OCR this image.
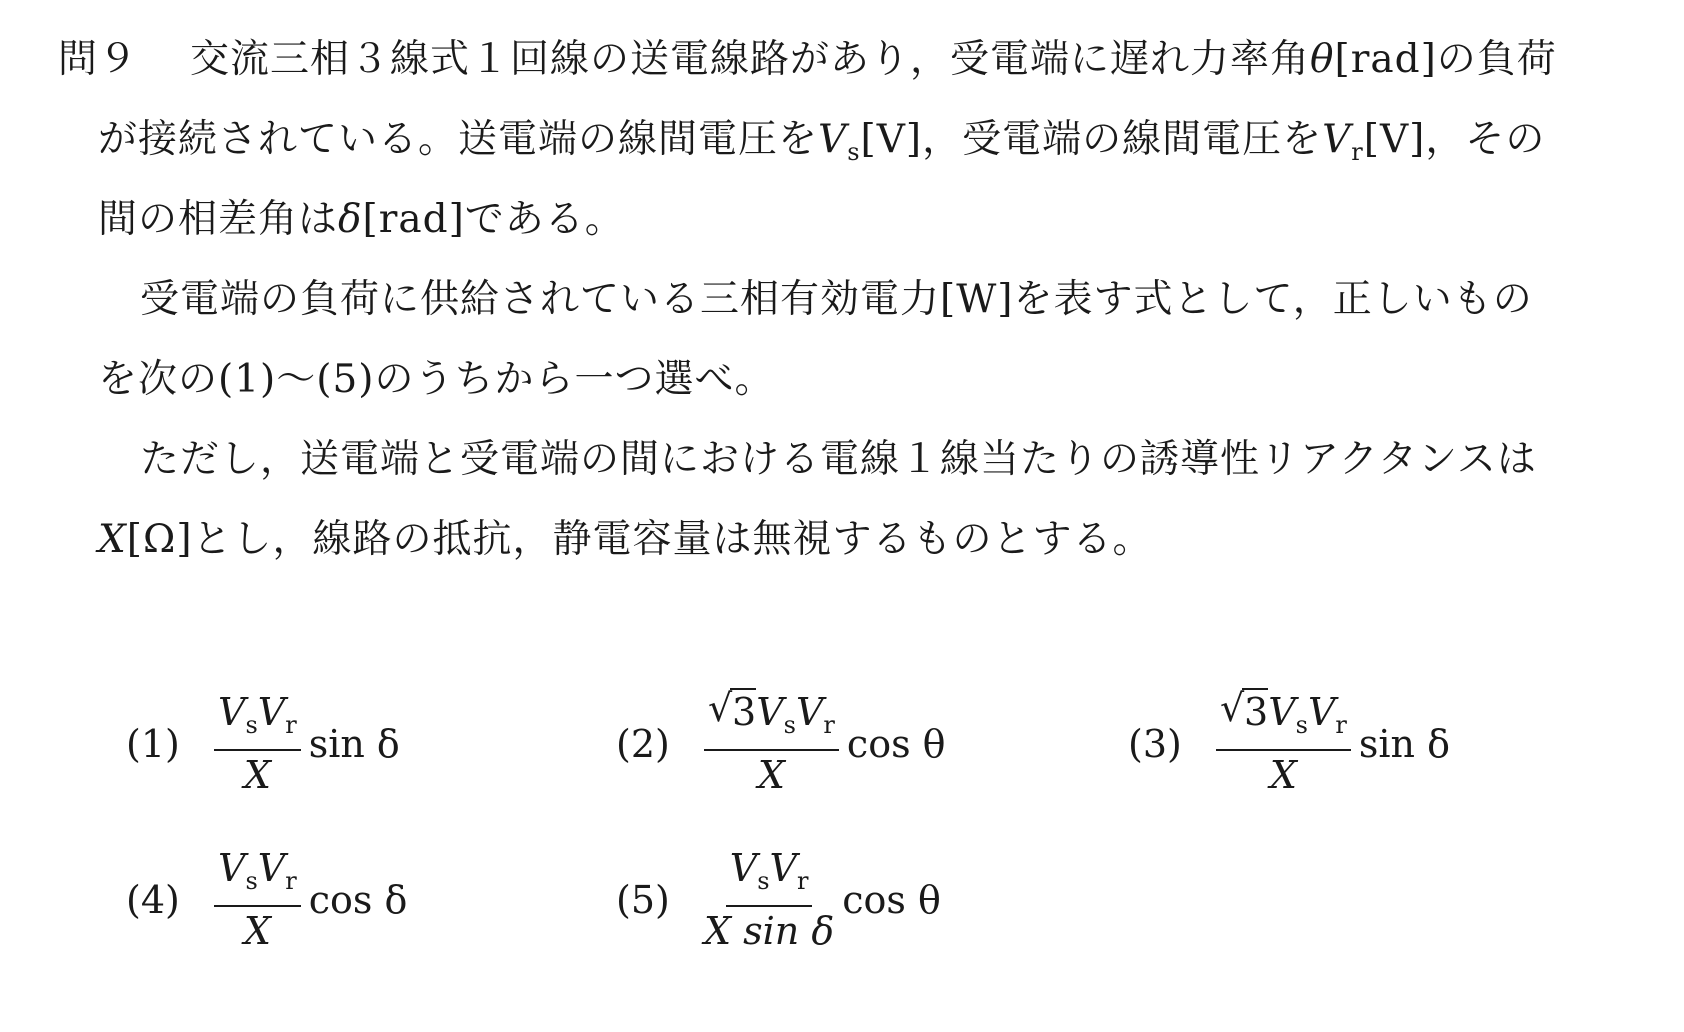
問９ 交流三相３線式１回線の送電線路があり，受電端に遅れ力率角θ[rad]の負荷
が接続されている。送電端の線間電圧を$V_s[V]$，受電端の線間電圧を$V_r[V]$，その
間の相差角はδ[rad]である。
受電端の負荷に供給されている三相有効電力[W]を表す式として，正しいもの
を次の(1)～(5)のうちから一つ選べ。
ただし，送電端と受電端の間における電線１線当たりの誘導性リアクタンスは
X[Ω]とし，線路の抵抗，静電容量は無視するものとする。
$(1) \frac{V_sV_r}{X}$ sin δ	$(2) \frac{√ 3V_sV_r}{X}$ cos θ	$(3) \frac{√ 3V_sV_r}{X}$ sin δ
$(4) \frac{V_sV_r}{X}$ cos δ	$(5) \frac{V_sV_r}{\text{X sin δ}}$ cos θ
